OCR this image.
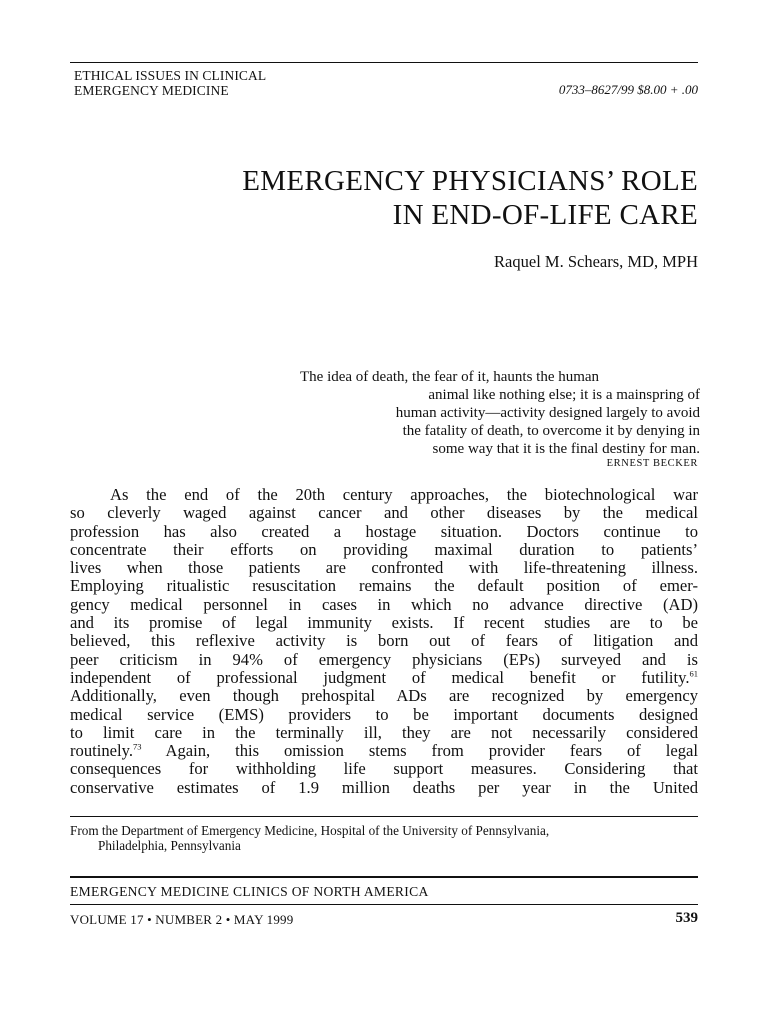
ETHICAL ISSUES IN CLINICAL
EMERGENCY MEDICINE	0733–8627/99 $8.00 + .00
EMERGENCY PHYSICIANS’ ROLE
IN END-OF-LIFE CARE
Raquel M. Schears, MD, MPH
The idea of death, the fear of it, haunts the human
animal like nothing else; it is a mainspring of
human activity—activity designed largely to avoid
the fatality of death, to overcome it by denying in
some way that it is the final destiny for man.
ERNEST BECKER
As the end of the 20th century approaches, the biotechnological war
so cleverly waged against cancer and other diseases by the medical
profession has also created a hostage situation. Doctors continue to
concentrate their efforts on providing maximal duration to patients’
lives when those patients are confronted with life-threatening illness.
Employing ritualistic resuscitation remains the default position of emer-
gency medical personnel in cases in which no advance directive (AD)
and its promise of legal immunity exists. If recent studies are to be
believed, this reflexive activity is born out of fears of litigation and
peer criticism in 94% of emergency physicians (EPs) surveyed and is
independent of professional judgment of medical benefit or futility.$^{61}$
Additionally, even though prehospital ADs are recognized by emergency
medical service (EMS) providers to be important documents designed
to limit care in the terminally ill, they are not necessarily considered
routinely.$^{73}$ Again, this omission stems from provider fears of legal
consequences for withholding life support measures. Considering that
conservative estimates of 1.9 million deaths per year in the United
From the Department of Emergency Medicine, Hospital of the University of Pennsylvania,
Philadelphia, Pennsylvania
EMERGENCY MEDICINE CLINICS OF NORTH AMERICA
VOLUME 17 • NUMBER 2 • MAY 1999	539
